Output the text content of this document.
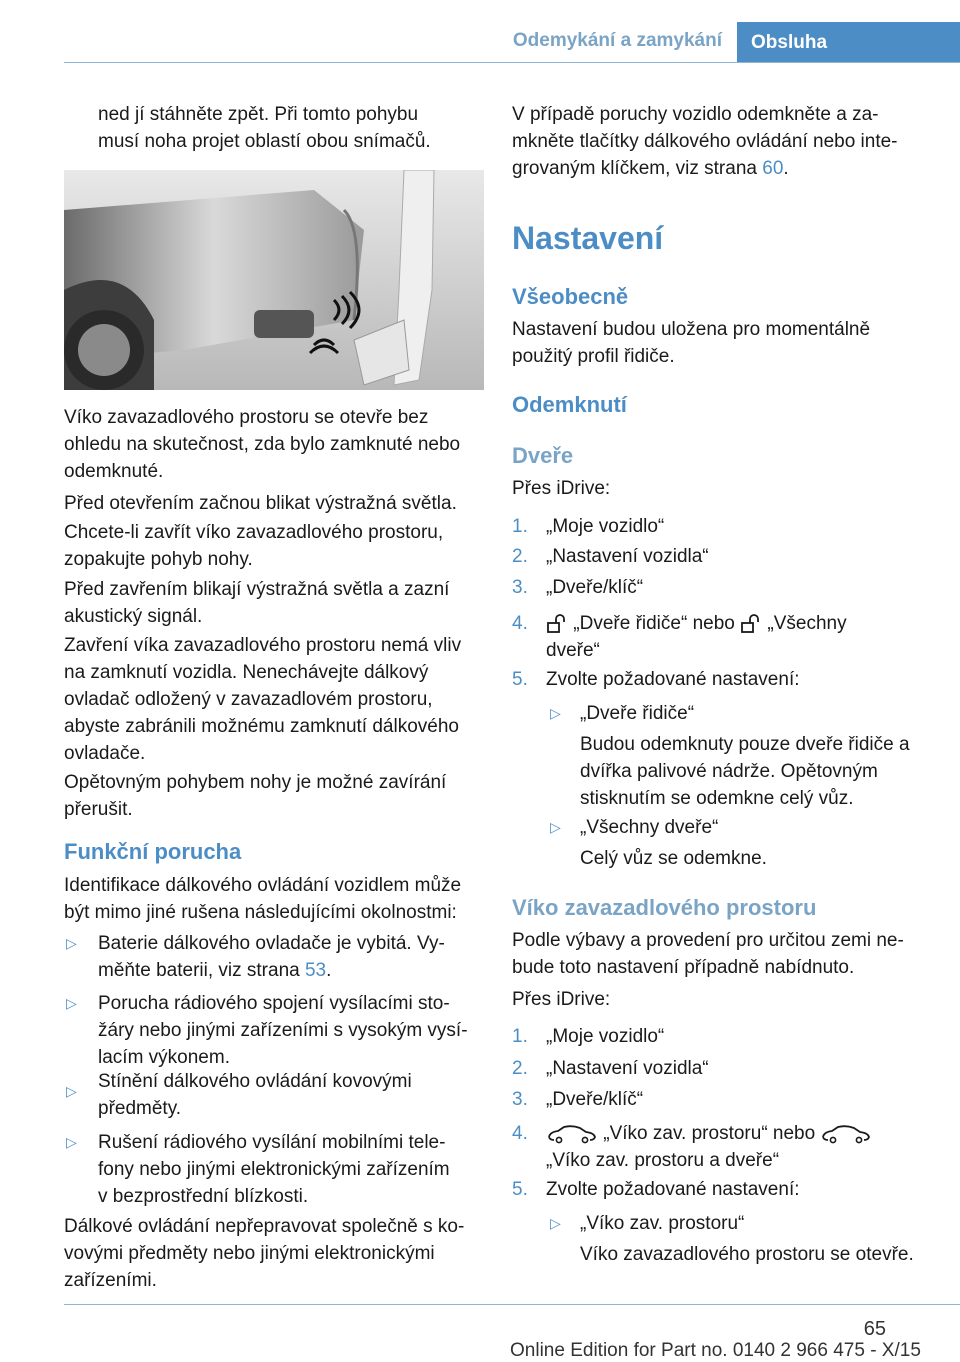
Odemykání a zamykání	Obsluha

ned jí stáhněte zpět. Při tomto pohybu

musí noha projet oblastí obou snímačů.

Víko zavazadlového prostoru se otevře bez

ohledu na skutečnost, zda bylo zamknuté nebo

odemknuté.

Před otevřením začnou blikat výstražná světla.

Chcete-li zavřít víko zavazadlového prostoru,

zopakujte pohyb nohy.

Před zavřením blikají výstražná světla a zazní

akustický signál.

Zavření víka zavazadlového prostoru nemá vliv

na zamknutí vozidla. Nenechávejte dálkový

ovladač odložený v zavazadlovém prostoru,

abyste zabránili možnému zamknutí dálkového

ovladače.

Opětovným pohybem nohy je možné zavírání

přerušit.

Funkční porucha

Identifikace dálkového ovládání vozidlem může

být mimo jiné rušena následujícími okolnostmi:

▷ Baterie dálkového ovladače je vybitá. Vy‐

měňte baterii, viz strana 53.

▷ Porucha rádiového spojení vysílacími sto‐

žáry nebo jinými zařízeními s vysokým vysí‐

lacím výkonem.

▷ Stínění dálkového ovládání kovovými

předměty.

▷ Rušení rádiového vysílání mobilními tele‐

fony nebo jinými elektronickými zařízením

v bezprostřední blízkosti.

Dálkové ovládání nepřepravovat společně s ko‐

vovými předměty nebo jinými elektronickými

zařízeními.

V případě poruchy vozidlo odemkněte a za‐

mkněte tlačítky dálkového ovládání nebo inte‐

grovaným klíčkem, viz strana 60.

Nastavení

Všeobecně

Nastavení budou uložena pro momentálně

použitý profil řidiče.

Odemknutí

Dveře

Přes iDrive:

1. „Moje vozidlo“

2. „Nastavení vozidla“

3. „Dveře/klíč“

4.	„Dveře řidiče“ nebo  „Všechny

dveře“

5. Zvolte požadované nastavení:

▷ „Dveře řidiče“

Budou odemknuty pouze dveře řidiče a

dvířka palivové nádrže. Opětovným

stisknutím se odemkne celý vůz.

▷ „Všechny dveře“

Celý vůz se odemkne.

Víko zavazadlového prostoru

Podle výbavy a provedení pro určitou zemi ne‐

bude toto nastavení případně nabídnuto.

Přes iDrive:

1. „Moje vozidlo“

2. „Nastavení vozidla“

3. „Dveře/klíč“

4.	„Víko zav. prostoru“ nebo

„Víko zav. prostoru a dveře“

5. Zvolte požadované nastavení:

▷ „Víko zav. prostoru“

Víko zavazadlového prostoru se otevře.

65
Online Edition for Part no. 0140 2 966 475 - X/15
